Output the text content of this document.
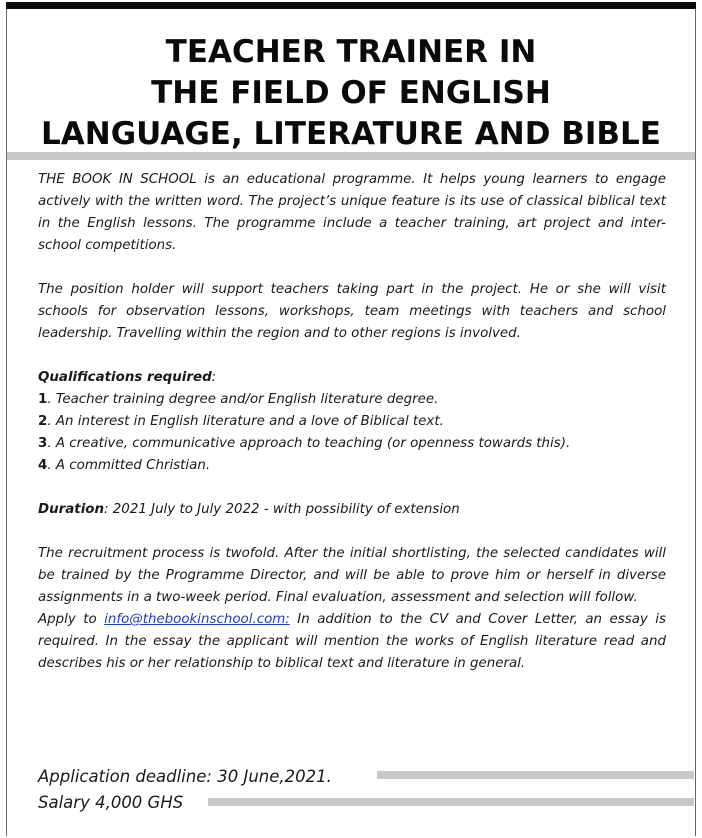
TEACHER TRAINER IN
THE FIELD OF ENGLISH
LANGUAGE, LITERATURE AND BIBLE
THE BOOK IN SCHOOL is an educational programme. It helps young learners to engage actively with the written word. The project’s unique feature is its use of classical biblical text in the English lessons. The programme include a teacher training, art project and inter-school competitions.
The position holder will support teachers taking part in the project. He or she will visit schools for observation lessons, workshops, team meetings with teachers and school leadership. Travelling within the region and to other regions is involved.
Qualifications required:
1. Teacher training degree and/or English literature degree.
2. An interest in English literature and a love of Biblical text.
3. A creative, communicative approach to teaching (or openness towards this).
4. A committed Christian.
Duration: 2021 July to July 2022 - with possibility of extension
The recruitment process is twofold. After the initial shortlisting, the selected candidates will be trained by the Programme Director, and will be able to prove him or herself in diverse assignments in a two-week period. Final evaluation, assessment and selection will follow.
Apply to info@thebookinschool.com: In addition to the CV and Cover Letter, an essay is required. In the essay the applicant will mention the works of English literature read and describes his or her relationship to biblical text and literature in general.
Application deadline: 30 June,2021.
Salary 4,000 GHS
